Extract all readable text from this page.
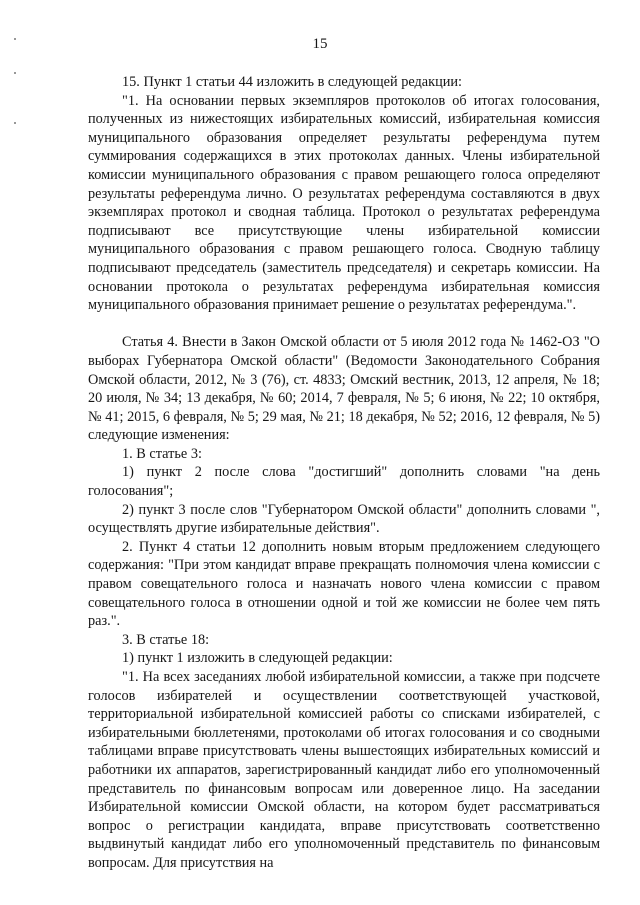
15

15. Пункт 1 статьи 44 изложить в следующей редакции:

"1. На основании первых экземпляров протоколов об итогах голосования, полученных из нижестоящих избирательных комиссий, избирательная комиссия муниципального образования определяет результаты референдума путем суммирования содержащихся в этих протоколах данных. Члены избирательной комиссии муниципального образования с правом решающего голоса определяют результаты референдума лично. О результатах референдума составляются в двух экземплярах протокол и сводная таблица. Протокол о результатах референдума подписывают все присутствующие члены избирательной комиссии муниципального образования с правом решающего голоса. Сводную таблицу подписывают председатель (заместитель председателя) и секретарь комиссии. На основании протокола о результатах референдума избирательная комиссия муниципального образования принимает решение о результатах референдума.".

Статья 4. Внести в Закон Омской области от 5 июля 2012 года № 1462-ОЗ "О выборах Губернатора Омской области" (Ведомости Законодательного Собрания Омской области, 2012, № 3 (76), ст. 4833; Омский вестник, 2013, 12 апреля, № 18; 20 июля, № 34; 13 декабря, № 60; 2014, 7 февраля, № 5; 6 июня, № 22; 10 октября, № 41; 2015, 6 февраля, № 5; 29 мая, № 21; 18 декабря, № 52; 2016, 12 февраля, № 5) следующие изменения:

1. В статье 3:

1) пункт 2 после слова "достигший" дополнить словами "на день голосования";

2) пункт 3 после слов "Губернатором Омской области" дополнить словами ", осуществлять другие избирательные действия".

2. Пункт 4 статьи 12 дополнить новым вторым предложением следующего содержания: "При этом кандидат вправе прекращать полномочия члена комиссии с правом совещательного голоса и назначать нового члена комиссии с правом совещательного голоса в отношении одной и той же комиссии не более чем пять раз.".

3. В статье 18:

1) пункт 1 изложить в следующей редакции:

"1. На всех заседаниях любой избирательной комиссии, а также при подсчете голосов избирателей и осуществлении соответствующей участковой, территориальной избирательной комиссией работы со списками избирателей, с избирательными бюллетенями, протоколами об итогах голосования и со сводными таблицами вправе присутствовать члены вышестоящих избирательных комиссий и работники их аппаратов, зарегистрированный кандидат либо его уполномоченный представитель по финансовым вопросам или доверенное лицо. На заседании Избирательной комиссии Омской области, на котором будет рассматриваться вопрос о регистрации кандидата, вправе присутствовать соответственно выдвинутый кандидат либо его уполномоченный представитель по финансовым вопросам. Для присутствия на
